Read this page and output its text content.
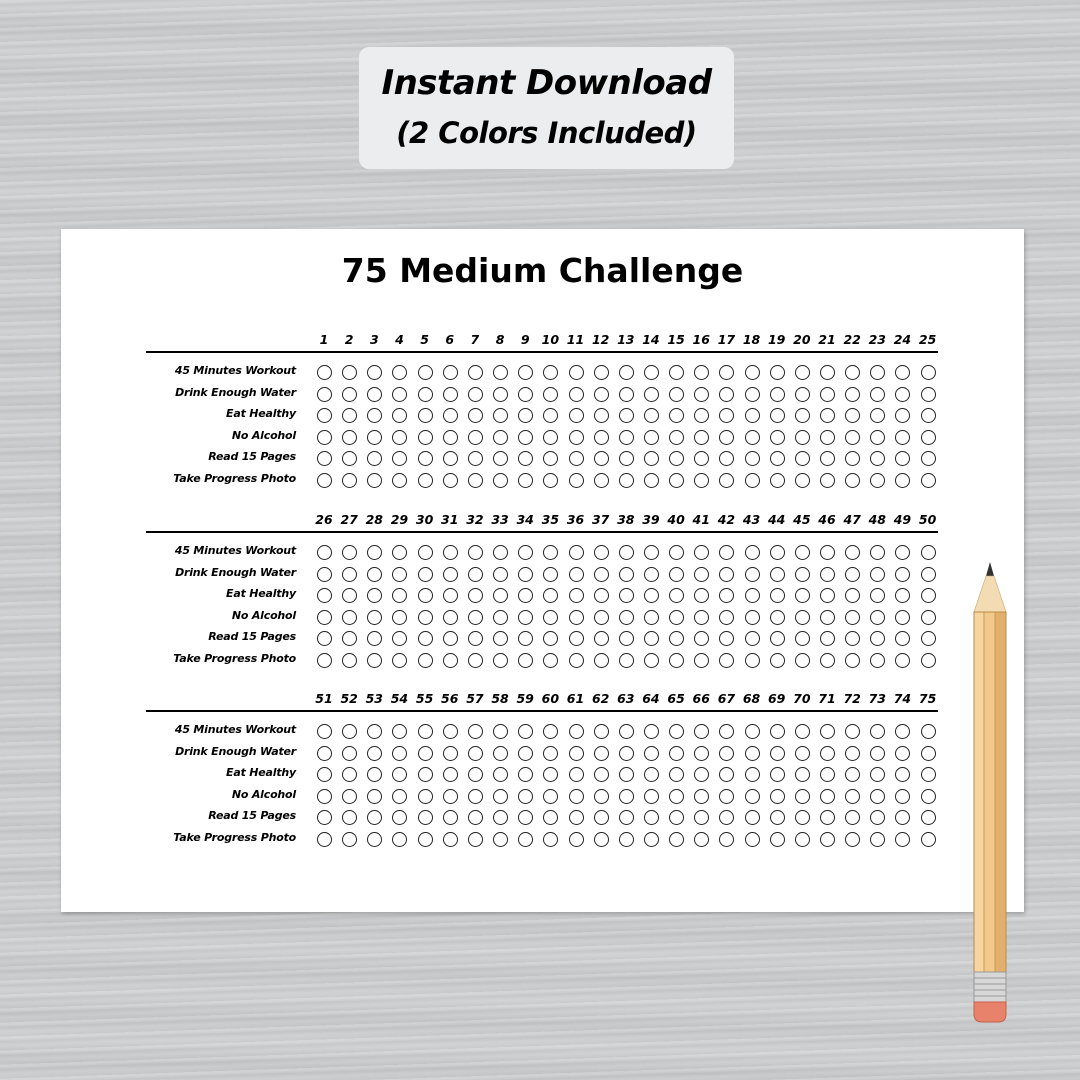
Instant Download
(2 Colors Included)
75 Medium Challenge
1	2	3	4	5	6	7	8	9 10 11 12 13 14 15 16 17 18 19 20 21 22 23 24 25
45 Minutes Workout
Drink Enough Water
Eat Healthy
No Alcohol
Read 15 Pages
Take Progress Photo
26 27 28 29 30 31 32 33 34 35 36 37 38 39 40 41 42 43 44 45 46 47 48 49 50
45 Minutes Workout
Drink Enough Water
Eat Healthy
No Alcohol
Read 15 Pages
Take Progress Photo
51 52 53 54 55 56 57 58 59 60 61 62 63 64 65 66 67 68 69 70 71 72 73 74 75
45 Minutes Workout
Drink Enough Water
Eat Healthy
No Alcohol
Read 15 Pages
Take Progress Photo
